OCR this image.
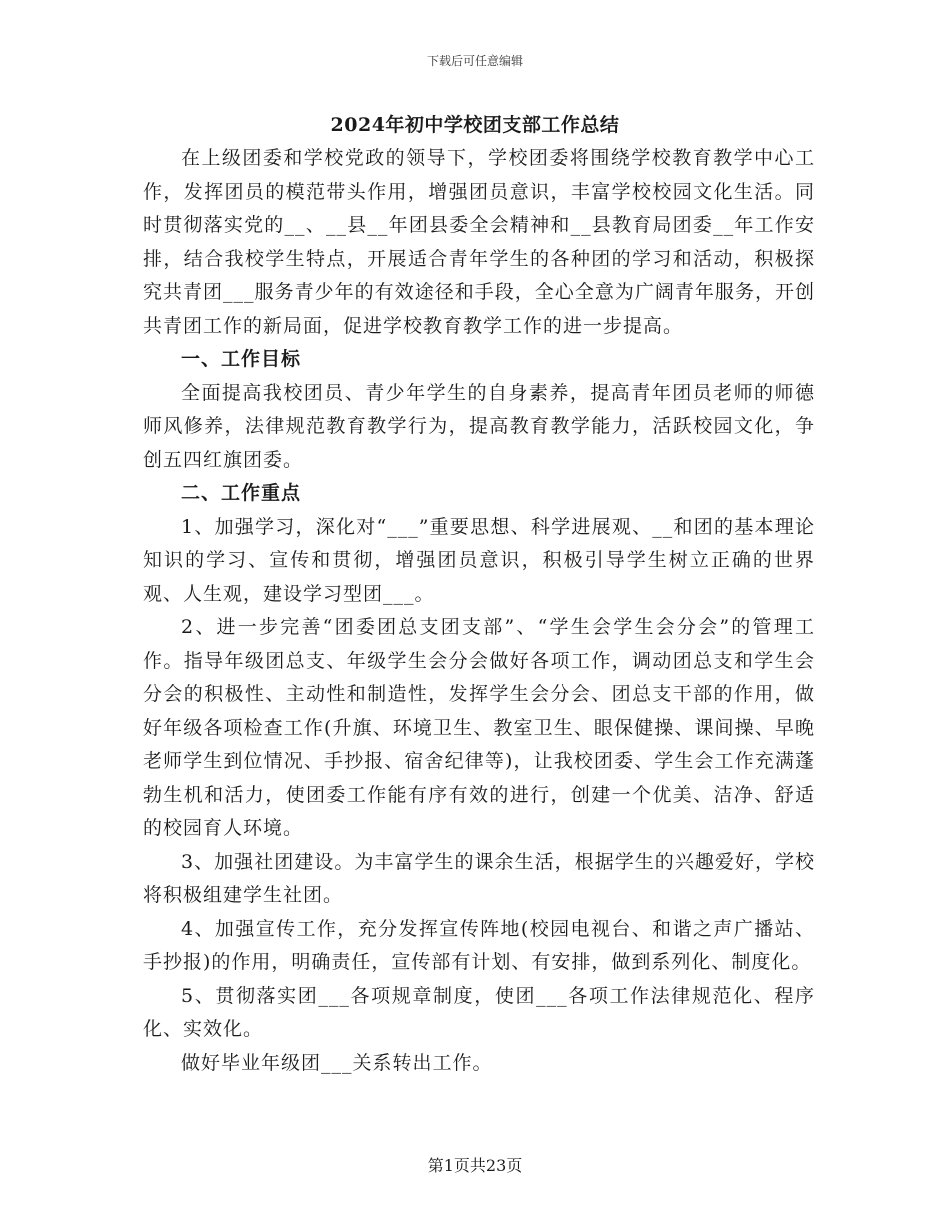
下载后可任意编辑
2024年初中学校团支部工作总结

在上级团委和学校党政的领导下，学校团委将围绕学校教育教学中心工作，发挥团员的模范带头作用，增强团员意识，丰富学校校园文化生活。同时贯彻落实党的__、__县__年团县委全会精神和__县教育局团委__年工作安排，结合我校学生特点，开展适合青年学生的各种团的学习和活动，积极探究共青团___服务青少年的有效途径和手段，全心全意为广阔青年服务，开创共青团工作的新局面，促进学校教育教学工作的进一步提高。

一、工作目标

全面提高我校团员、青少年学生的自身素养，提高青年团员老师的师德师风修养，法律规范教育教学行为，提高教育教学能力，活跃校园文化，争创五四红旗团委。

二、工作重点

1、加强学习，深化对“___”重要思想、科学进展观、__和团的基本理论知识的学习、宣传和贯彻，增强团员意识，积极引导学生树立正确的世界观、人生观，建设学习型团___。

2、进一步完善“团委团总支团支部”、“学生会学生会分会”的管理工作。指导年级团总支、年级学生会分会做好各项工作，调动团总支和学生会分会的积极性、主动性和制造性，发挥学生会分会、团总支干部的作用，做好年级各项检查工作(升旗、环境卫生、教室卫生、眼保健操、课间操、早晚老师学生到位情况、手抄报、宿舍纪律等)，让我校团委、学生会工作充满蓬勃生机和活力，使团委工作能有序有效的进行，创建一个优美、洁净、舒适的校园育人环境。

3、加强社团建设。为丰富学生的课余生活，根据学生的兴趣爱好，学校将积极组建学生社团。

4、加强宣传工作，充分发挥宣传阵地(校园电视台、和谐之声广播站、手抄报)的作用，明确责任，宣传部有计划、有安排，做到系列化、制度化。

5、贯彻落实团___各项规章制度，使团___各项工作法律规范化、程序化、实效化。

做好毕业年级团___关系转出工作。

第1页共23页
